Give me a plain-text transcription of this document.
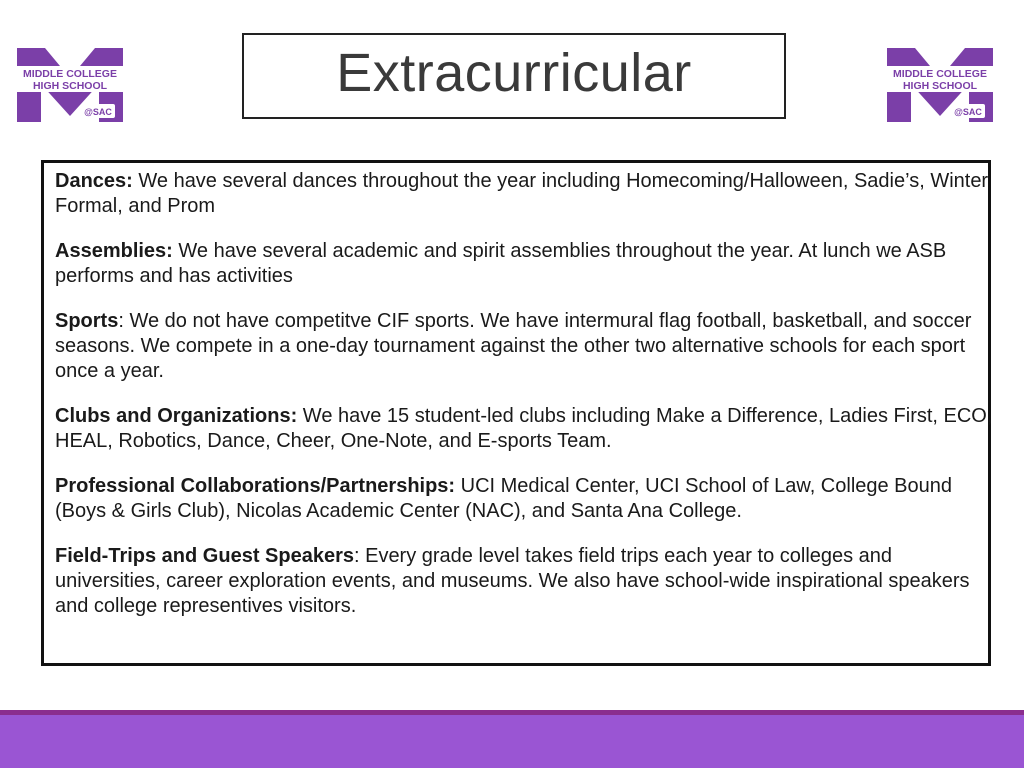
MIDDLE COLLEGE
HIGH SCHOOL
@SAC
Extracurricular	MIDDLE COLLEGE
HIGH SCHOOL
@SAC

Dances: We have several dances throughout the year including Homecoming/Halloween, Sadie’s, Winter Formal, and Prom

Assemblies: We have several academic and spirit assemblies throughout the year. At lunch we ASB performs and has activities

Sports: We do not have competitve CIF sports. We have intermural flag football, basketball, and soccer seasons. We compete in a one-day tournament against the other two alternative schools for each sport once a year.

Clubs and Organizations: We have 15 student-led clubs including Make a Difference, Ladies First, ECO, HEAL, Robotics, Dance, Cheer, One-Note, and E-sports Team.

Professional Collaborations/Partnerships: UCI Medical Center, UCI School of Law, College Bound (Boys & Girls Club), Nicolas Academic Center (NAC), and Santa Ana College.

Field-Trips and Guest Speakers: Every grade level takes field trips each year to colleges and universities, career exploration events, and museums. We also have school-wide inspirational speakers and college representives visitors.
